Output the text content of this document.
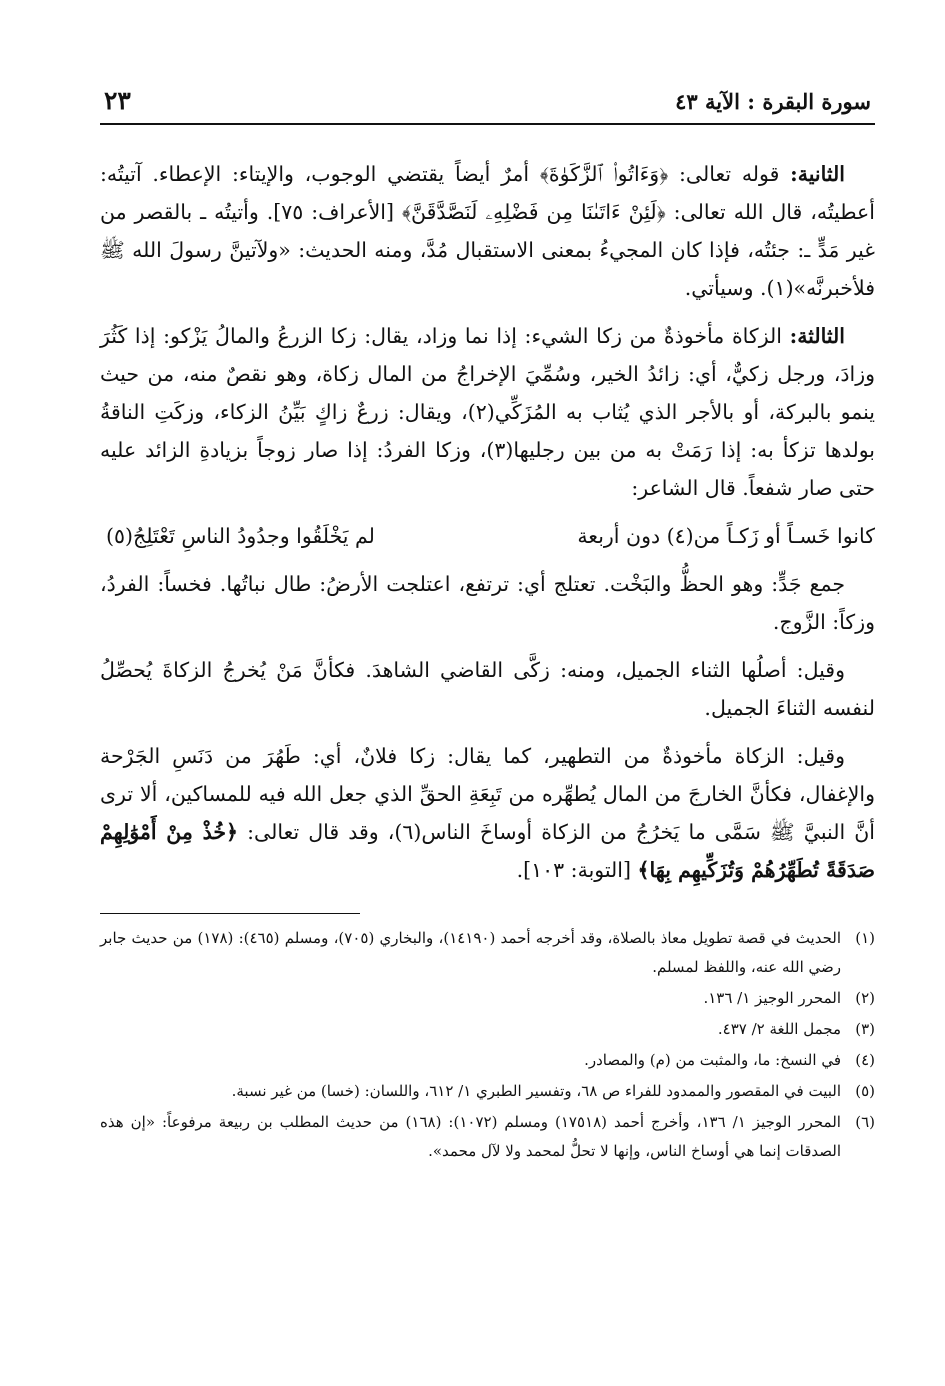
سورة البقرة : الآية ٤٣
٢٣

الثانية: قوله تعالى: ﴿وَءَاتُوا۟ ٱلزَّكَوٰةَ﴾ أمرٌ أيضاً يقتضي الوجوب، والإيتاء: الإعطاء. آتيتُه: أعطيتُه، قال الله تعالى: ﴿لَئِنْ ءَاتَىٰنَا مِن فَضْلِهِۦ لَنَصَّدَّقَنَّ﴾ [الأعراف: ٧٥]. وأتيتُه ـ بالقصر من غير مَدٍّ ـ: جئتُه، فإذا كان المجيءُ بمعنى الاستقبال مُدَّ، ومنه الحديث: «ولآتينَّ رسولَ الله ﷺ فلأخبرنَّه»(١). وسيأتي.

الثالثة: الزكاة مأخوذةٌ من زكا الشيء: إذا نما وزاد، يقال: زكا الزرعُ والمالُ يَزْكو: إذا كَثُرَ وزادَ، ورجل زكيٌّ، أي: زائدُ الخير، وسُمِّيَ الإخراجُ من المال زكاة، وهو نقصٌ منه، من حيث ينمو بالبركة، أو بالأجر الذي يُثاب به المُزَكِّي(٢)، ويقال: زرعٌ زاكٍ بَيِّنُ الزكاء، وزكَتِ الناقةُ بولدها تزكأ به: إذا رَمَتْ به من بين رجليها(٣)، وزكا الفردُ: إذا صار زوجاً بزيادةِ الزائد عليه حتى صار شفعاً. قال الشاعر:

كانوا خَسـاً أو زَكـاً من(٤) دون أربعة
لم يَخْلَقُوا وجدُودُ الناسِ تَعْتَلِجُ(٥)

جمع جَدٍّ: وهو الحظُّ والبَخْت. تعتلج أي: ترتفع، اعتلجت الأرضُ: طال نباتُها. فخساً: الفردُ، وزكاً: الزَّوج.

وقيل: أصلُها الثناء الجميل، ومنه: زكَّى القاضي الشاهدَ. فكأنَّ مَنْ يُخرجُ الزكاةَ يُحصِّلُ لنفسه الثناءَ الجميل.

وقيل: الزكاة مأخوذةٌ من التطهير، كما يقال: زكا فلانٌ، أي: طَهُرَ من دَنَسِ الجَرْحة والإغفال، فكأنَّ الخارجَ من المال يُطهِّره من تَبِعَةِ الحقِّ الذي جعل الله فيه للمساكين، ألا ترى أنَّ النبيَّ ﷺ سَمَّى ما يَخرُجُ من الزكاة أوساخَ الناس(٦)، وقد قال تعالى: ﴿خُذْ مِنْ أَمْوَٰلِهِمْ صَدَقَةً تُطَهِّرُهُمْ وَتُزَكِّيهِم بِهَا﴾ [التوبة: ١٠٣].

(١)
الحديث في قصة تطويل معاذ بالصلاة، وقد أخرجه أحمد (١٤١٩٠)، والبخاري (٧٠٥)، ومسلم (٤٦٥): (١٧٨) من حديث جابر رضي الله عنه، واللفظ لمسلم.
(٢)
المحرر الوجيز ١/ ١٣٦.
(٣)
مجمل اللغة ٢/ ٤٣٧.
(٤)
في النسخ: ما، والمثبت من (م) والمصادر.
(٥)
البيت في المقصور والممدود للفراء ص ٦٨، وتفسير الطبري ١/ ٦١٢، واللسان: (خسا) من غير نسبة.
(٦)
المحرر الوجيز ١/ ١٣٦، وأخرج أحمد (١٧٥١٨) ومسلم (١٠٧٢): (١٦٨) من حديث المطلب بن ربيعة مرفوعاً: «إن هذه الصدقات إنما هي أوساخ الناس، وإنها لا تحلُّ لمحمد ولا لآل محمد».
